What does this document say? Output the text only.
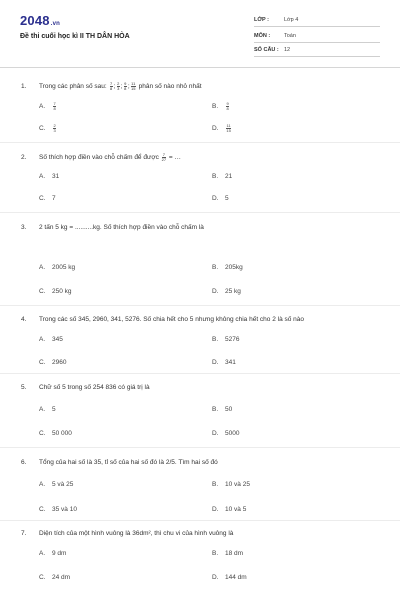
2048.vn
Đề thi cuối học kì II TH DÂN HÒA
LỚP :	Lớp 4
MÔN :	Toán
SỐ CÂU : 12
1. Trong các phân số sau: $\frac{7}{8}$ ; $\frac{2}{3}$ ; $\frac{9}{8}$ ; $\frac{11}{15}$ phân số nào nhỏ nhất
A. $\frac{7}{8}$	B. $\frac{9}{8}$
C. $\frac{2}{3}$	D. $\frac{11}{15}$
2. Số thích hợp điền vào chỗ chấm để được $\frac{7}{27}$ = …
A. 31	B. 21
C. 7	D. 5
3. 2 tấn 5 kg = ..........kg. Số thích hợp điền vào chỗ chấm là
A. 2005 kg	B. 205kg
C. 250 kg	D. 25 kg
4. Trong các số 345, 2960, 341, 5276. Số chia hết cho 5 nhưng không chia hết cho 2 là số nào
A. 345	B. 5276
C. 2960	D. 341
5. Chữ số 5 trong số 254 836 có giá trị là
A. 5	B. 50
C. 50 000	D. 5000
6. Tổng của hai số là 35, tỉ số của hai số đó là 2/5. Tìm hai số đó
A. 5 và 25	B. 10 và 25
C. 35 và 10	D. 10 và 5
7. Diện tích của một hình vuông là 36dm², thì chu vi của hình vuông là
A. 9 dm	B. 18 dm
C. 24 dm	D. 144 dm
